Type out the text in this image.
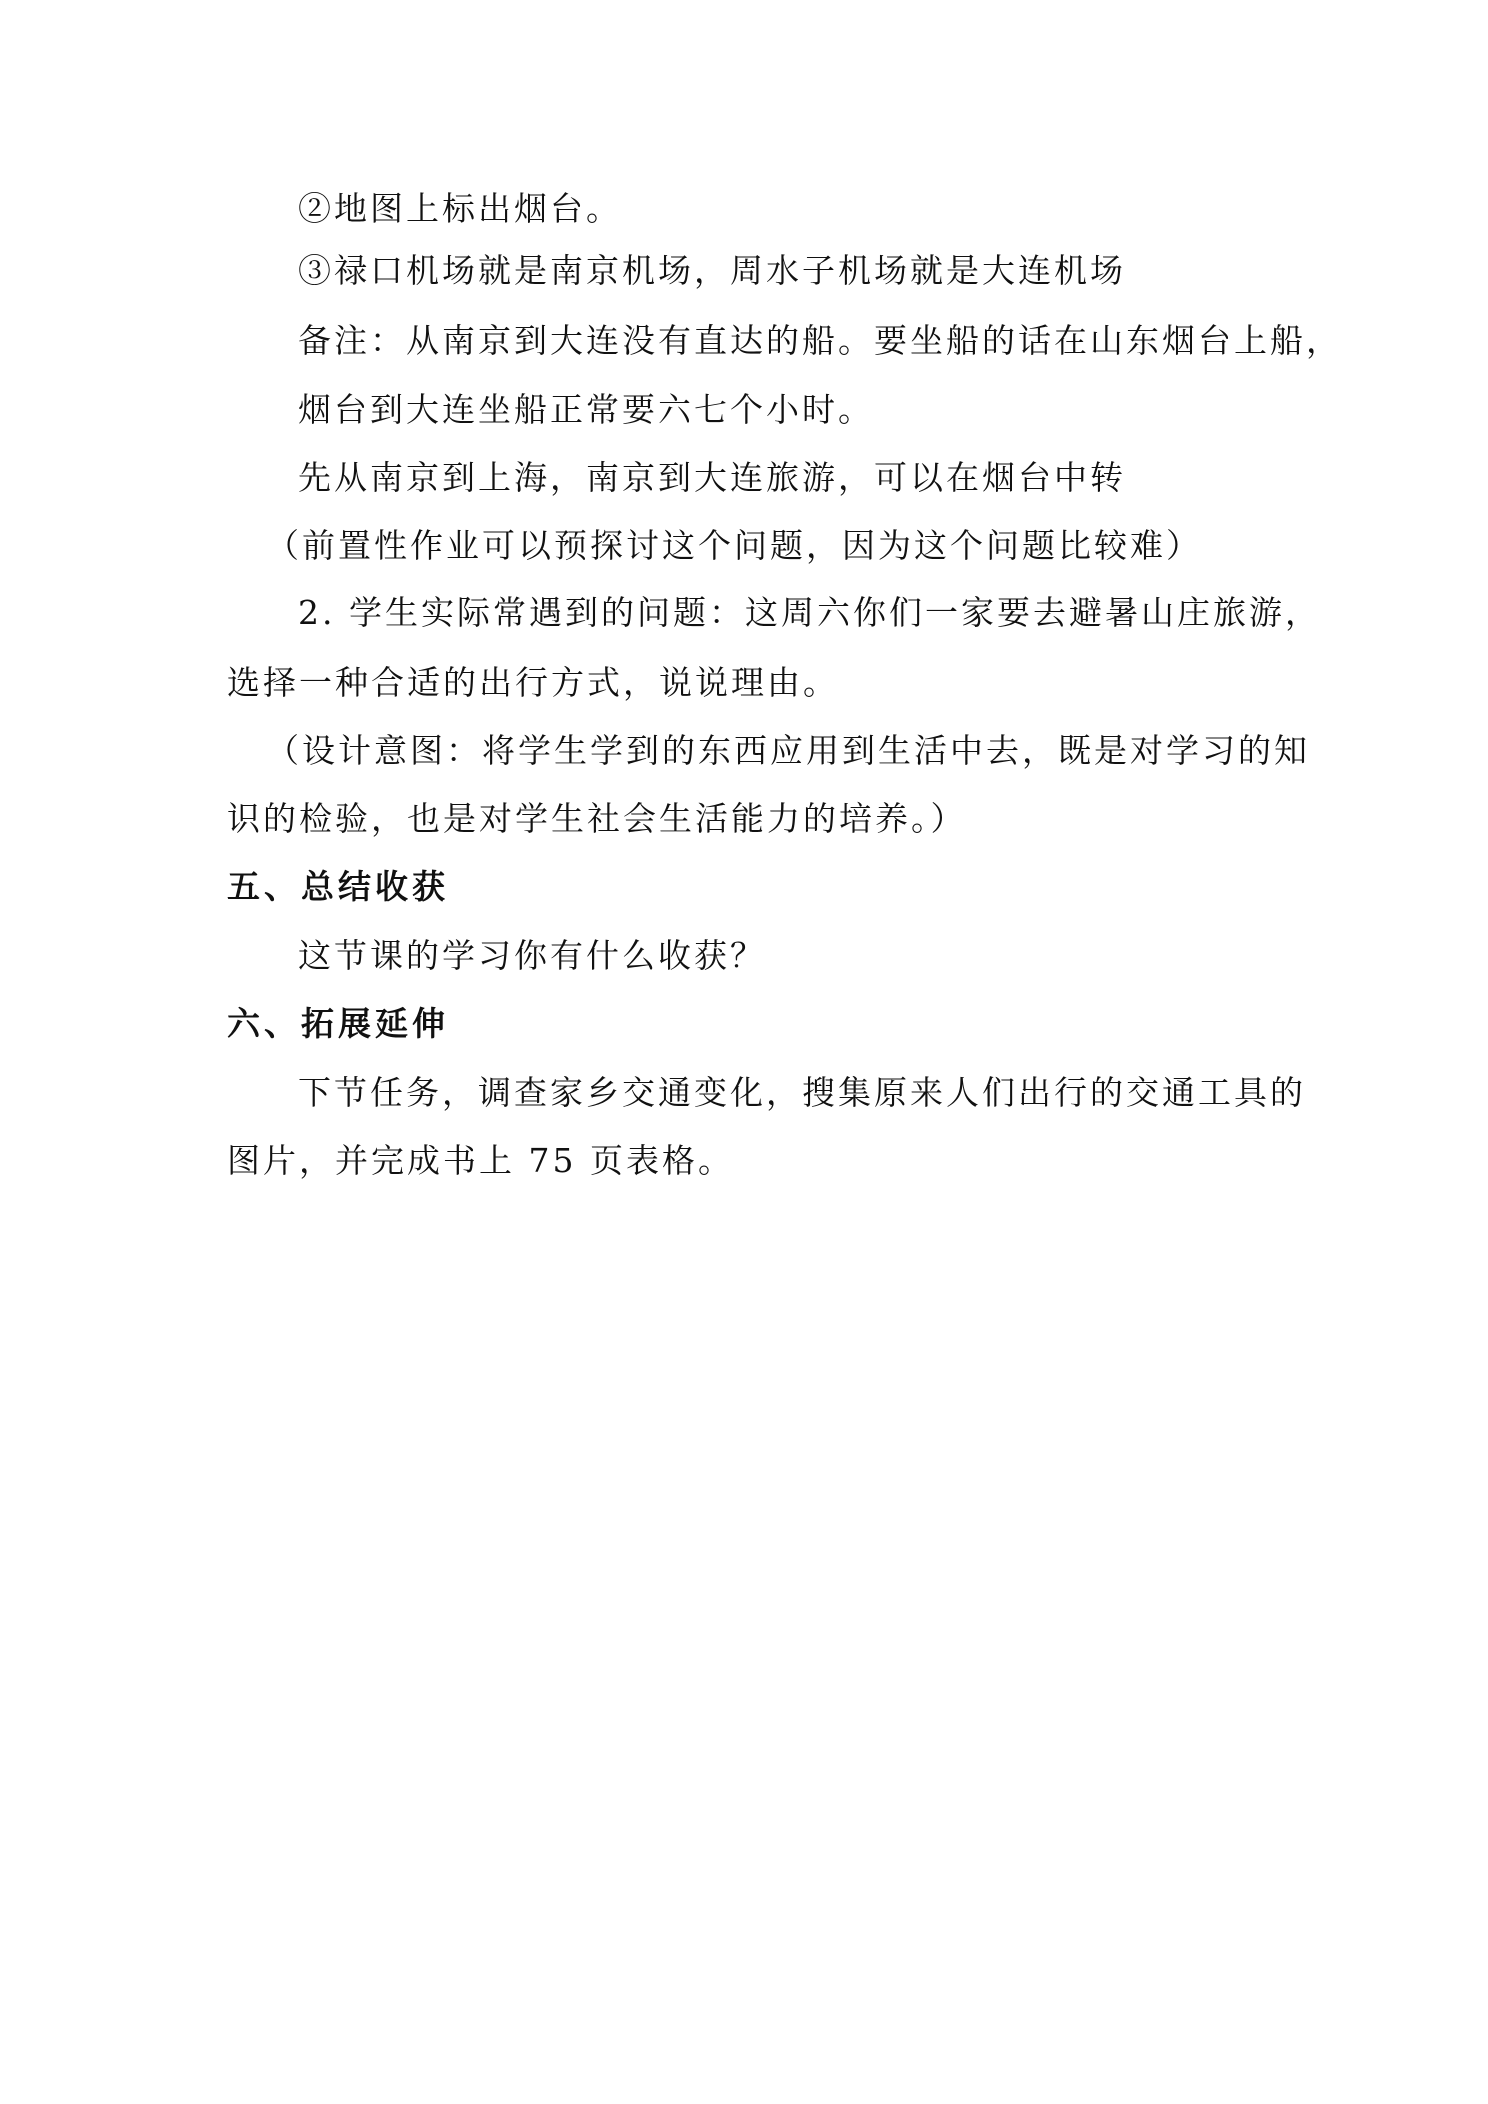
②地图上标出烟台。
③禄口机场就是南京机场，周水子机场就是大连机场
备注：从南京到大连没有直达的船。要坐船的话在山东烟台上船，
烟台到大连坐船正常要六七个小时。
先从南京到上海，南京到大连旅游，可以在烟台中转
（前置性作业可以预探讨这个问题，因为这个问题比较难）
2. 学生实际常遇到的问题：这周六你们一家要去避暑山庄旅游，
选择一种合适的出行方式，说说理由。
（设计意图：将学生学到的东西应用到生活中去，既是对学习的知
识的检验，也是对学生社会生活能力的培养。）
五、总结收获
这节课的学习你有什么收获？
六、拓展延伸
下节任务，调查家乡交通变化，搜集原来人们出行的交通工具的
图片，并完成书上 75 页表格。
